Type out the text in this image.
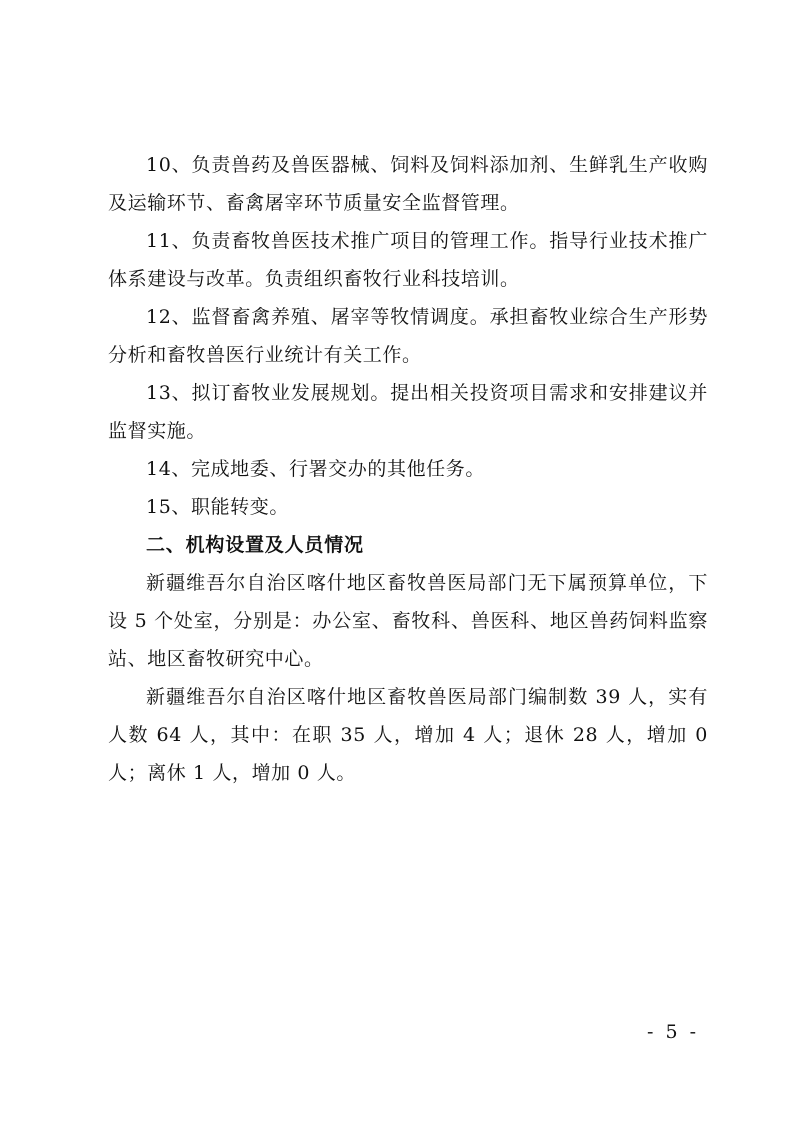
10、负责兽药及兽医器械、饲料及饲料添加剂、生鲜乳生产收购及运输环节、畜禽屠宰环节质量安全监督管理。

11、负责畜牧兽医技术推广项目的管理工作。指导行业技术推广体系建设与改革。负责组织畜牧行业科技培训。

12、监督畜禽养殖、屠宰等牧情调度。承担畜牧业综合生产形势分析和畜牧兽医行业统计有关工作。

13、拟订畜牧业发展规划。提出相关投资项目需求和安排建议并监督实施。

14、完成地委、行署交办的其他任务。

15、职能转变。

二、机构设置及人员情况

新疆维吾尔自治区喀什地区畜牧兽医局部门无下属预算单位，下设 5 个处室，分别是：办公室、畜牧科、兽医科、地区兽药饲料监察站、地区畜牧研究中心。

新疆维吾尔自治区喀什地区畜牧兽医局部门编制数 39 人，实有人数 64 人，其中：在职 35 人，增加 4 人；退休 28 人，增加 0 人；离休 1 人，增加 0 人。

- 5 -
